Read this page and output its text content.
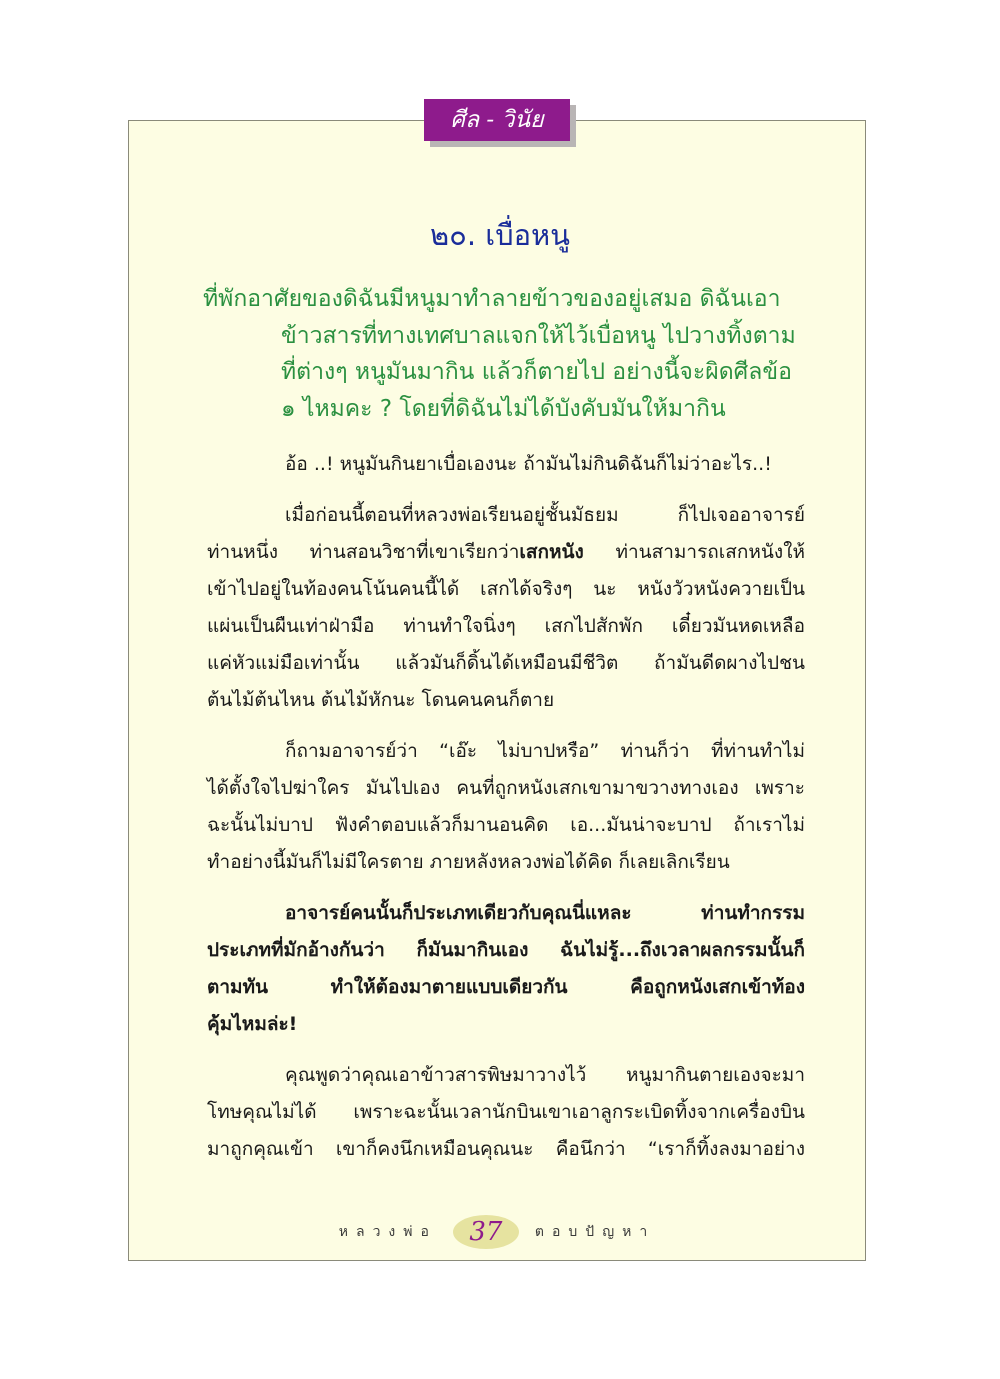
ศีล - วินัย
๒๐. เบื่อหนู
ที่พักอาศัยของดิฉันมีหนูมาทำลายข้าวของอยู่เสมอ ดิฉันเอา
ข้าวสารที่ทางเทศบาลแจกให้ไว้เบื่อหนู ไปวางทิ้งตาม
ที่ต่างๆ หนูมันมากิน แล้วก็ตายไป อย่างนี้จะผิดศีลข้อ
๑ ไหมคะ ? โดยที่ดิฉันไม่ได้บังคับมันให้มากิน

อ้อ ..! หนูมันกินยาเบื่อเองนะ ถ้ามันไม่กินดิฉันก็ไม่ว่าอะไร..!

เมื่อก่อนนี้ตอนที่หลวงพ่อเรียนอยู่ชั้นมัธยม ก็ไปเจออาจารย์
ท่านหนึ่ง ท่านสอนวิชาที่เขาเรียกว่าเสกหนัง ท่านสามารถเสกหนังให้
เข้าไปอยู่ในท้องคนโน้นคนนี้ได้ เสกได้จริงๆ นะ หนังวัวหนังควายเป็น
แผ่นเป็นผืนเท่าฝ่ามือ ท่านทำใจนิ่งๆ เสกไปสักพัก เดี๋ยวมันหดเหลือ
แค่หัวแม่มือเท่านั้น แล้วมันก็ดิ้นได้เหมือนมีชีวิต ถ้ามันดีดผางไปชน
ต้นไม้ต้นไหน ต้นไม้หักนะ โดนคนคนก็ตาย

ก็ถามอาจารย์ว่า “เอ๊ะ ไม่บาปหรือ” ท่านก็ว่า ที่ท่านทำไม่
ได้ตั้งใจไปฆ่าใคร มันไปเอง คนที่ถูกหนังเสกเขามาขวางทางเอง เพราะ
ฉะนั้นไม่บาป ฟังคำตอบแล้วก็มานอนคิด เอ...มันน่าจะบาป ถ้าเราไม่
ทำอย่างนี้มันก็ไม่มีใครตาย ภายหลังหลวงพ่อได้คิด ก็เลยเลิกเรียน

อาจารย์คนนั้นก็ประเภทเดียวกับคุณนี่แหละ ท่านทำกรรม
ประเภทที่มักอ้างกันว่า ก็มันมากินเอง ฉันไม่รู้...ถึงเวลาผลกรรมนั้นก็
ตามทัน ทำให้ต้องมาตายแบบเดียวกัน คือถูกหนังเสกเข้าท้อง
คุ้มไหมล่ะ!

คุณพูดว่าคุณเอาข้าวสารพิษมาวางไว้ หนูมากินตายเองจะมา
โทษคุณไม่ได้ เพราะฉะนั้นเวลานักบินเขาเอาลูกระเบิดทิ้งจากเครื่องบิน
มาถูกคุณเข้า เขาก็คงนึกเหมือนคุณนะ คือนึกว่า “เราก็ทิ้งลงมาอย่าง

หลวงพ่อ	37	ตอบปัญหา
